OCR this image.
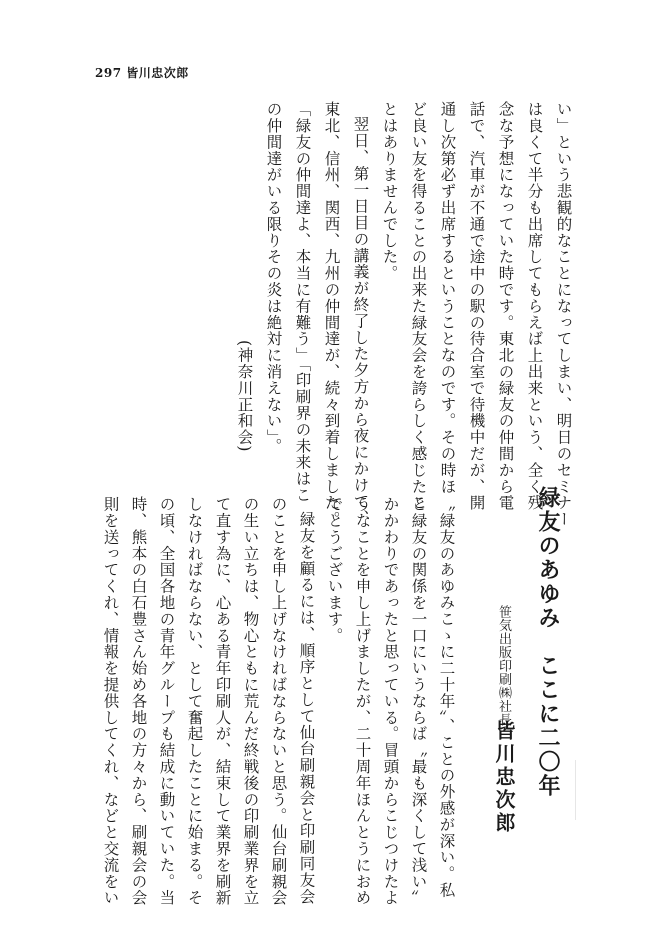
297 皆川忠次郎
い」という悲観的なことになってしまい、明日のセミナー
は良くて半分も出席してもらえば上出来という、全く残
念な予想になっていた時です。東北の緑友の仲間から電
話で、汽車が不通で途中の駅の待合室で待機中だが、開
通し次第必ず出席するということなのです。その時ほ
ど良い友を得ることの出来た緑友会を誇らしく感じたこ
とはありませんでした。
翌日、第一日目の講義が終了した夕方から夜にかけて、
東北、信州、関西、九州の仲間達が、続々到着しました。
「緑友の仲間達よ、本当に有難う」「印刷界の未来はこ
の仲間達がいる限りその炎は絶対に消えない」。
(神奈川正和会)
緑友のあゆみ　ここに二〇年
笹気出版印刷㈱社長
皆川忠次郎
〝緑友のあゆみこゝに二十年〟、ことの外感が深い。私
と緑友の関係を一口にいうならば〝最も深くして浅い〟
かかわりであったと思っている。冒頭からこじつけたよ
うなことを申し上げましたが、二十周年ほんとうにおめ
でとうございます。
緑友を顧るには、順序として仙台刷親会と印刷同友会
のことを申し上げなければならないと思う。仙台刷親会
の生い立ちは、物心ともに荒んだ終戦後の印刷業界を立
て直す為に、心ある青年印刷人が、結束して業界を刷新
しなければならない、として奮起したことに始まる。そ
の頃、全国各地の青年グループも結成に動いていた。当
時、熊本の白石豊さん始め各地の方々から、刷親会の会
則を送ってくれ、情報を提供してくれ、などと交流をい
